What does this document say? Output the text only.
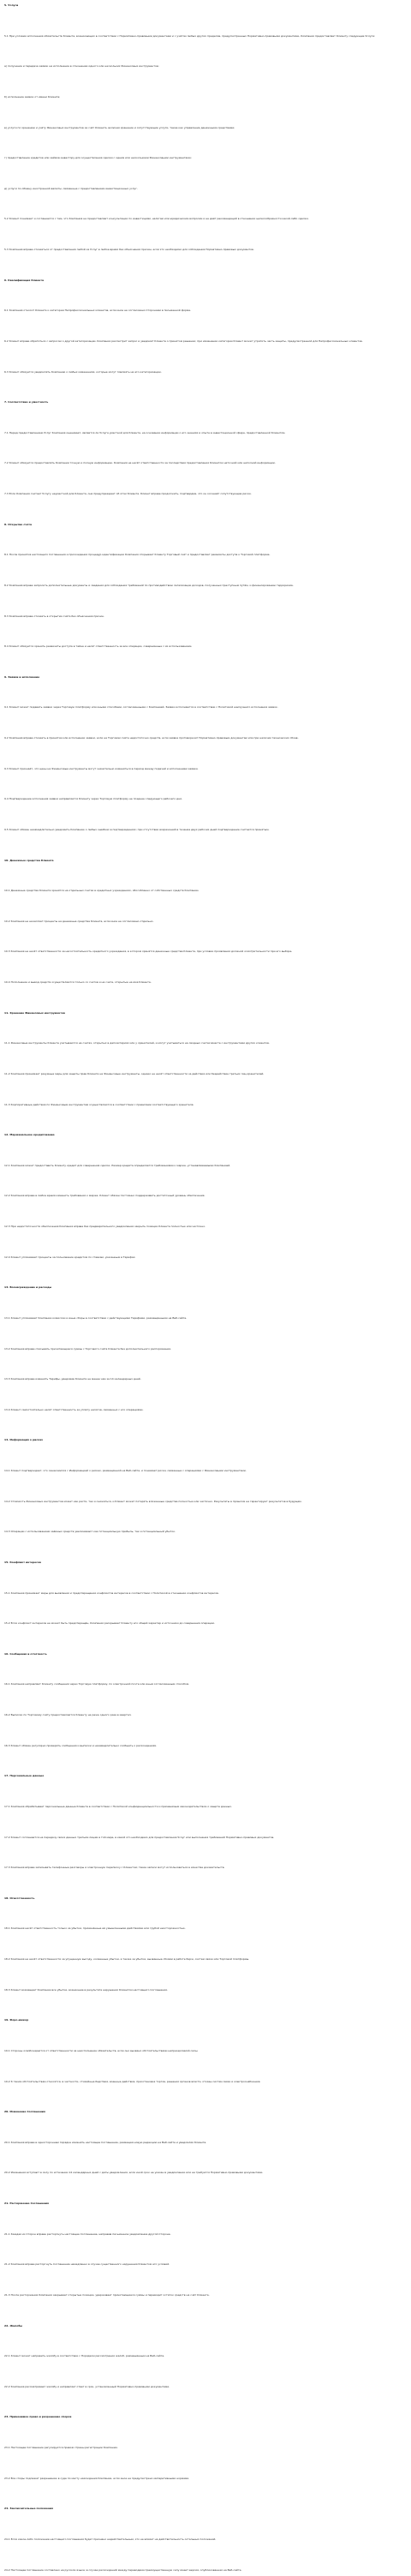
5. Услуги

5.1 При условии исполнения обязательств Клиента, возникающих в соответствии с Нормативно-правовыми документами и с учётом любых других пределов, предусмотренных Нормативно-правовыми документами, Компания предоставляет Клиенту следующие Услуги:

а) получение и передача заявок на исполнение в отношении одного или нескольких Финансовых инструментов;

б) исполнение заявок от имени Клиента;

в) услуги по хранению и учёту Финансовых инструментов за счёт Клиента, включая хранение и сопутствующие услуги, такие как управление денежными средствами;

г) предоставление кредитов или займов инвестору для осуществления сделки с одним или несколькими Финансовыми инструментами;

д) услуги по обмену иностранной валюты, связанные с предоставлением инвестиционных услуг.

5.2 Клиент понимает и соглашается с тем, что Компания не предоставляет консультации по инвестициям, налогам или юридическим вопросам и не даёт рекомендаций в отношении целесообразности какой-либо сделки.

5.3 Компания вправе отказаться от предоставления любой из Услуг в любое время без объяснения причин, если это необходимо для соблюдения Нормативно-правовых документов.

6. Квалификация Клиента

6.1 Компания относит Клиента к категории Непрофессиональных клиентов, если иное не согласовано Сторонами в письменной форме.

6.2 Клиент вправе обратиться с запросом о другой категоризации. Компания рассмотрит запрос и уведомит Клиента о принятом решении; при изменении категории Клиент может утратить часть защиты, предусмотренной для Непрофессиональных клиентов.

6.3 Клиент обязуется уведомлять Компанию о любых изменениях, которые могут повлиять на его категоризацию.

7. Соответствие и уместность

7.1 Перед предоставлением Услуг Компания оценивает, является ли Услуга уместной для Клиента, на основании информации о его знаниях и опыте в инвестиционной сфере, предоставленной Клиентом.

7.2 Клиент обязуется предоставлять Компании точную и полную информацию. Компания не несёт ответственности за последствия предоставления Клиентом неточной или неполной информации.

7.3 Если Компания считает Услугу неуместной для Клиента, она предупреждает об этом Клиента. Клиент вправе продолжить, подтвердив, что он осознаёт сопутствующие риски.

8. Открытие счёта

8.1 После принятия настоящего Соглашения и прохождения процедур идентификации Компания открывает Клиенту Торговый счёт и предоставляет реквизиты доступа к Торговой платформе.

8.2 Компания вправе запросить дополнительные документы и сведения для соблюдения требований по противодействию легализации доходов, полученных преступным путём, и финансированию терроризма.

8.3 Компания вправе отказать в открытии счёта без объяснения причин.

8.4 Клиент обязуется хранить реквизиты доступа в тайне и несёт ответственность за все операции, совершённые с их использованием.

9. Заявки и исполнение

9.1 Клиент может подавать заявки через Торговую платформу или иными способами, согласованными с Компанией. Заявки исполняются в соответствии с Политикой наилучшего исполнения заявок.

9.2 Компания вправе отказать в принятии или исполнении заявки, если на Торговом счёте недостаточно средств, если заявка противоречит Нормативно-правовым документам или при наличии технических сбоев.

9.3 Клиент признаёт, что цены на Финансовые инструменты могут значительно изменяться в период между подачей и исполнением заявки.

9.4 Подтверждение исполнения заявки направляется Клиенту через Торговую платформу не позднее следующего рабочего дня.

9.5 Клиент обязан незамедлительно уведомить Компанию о любых ошибках в подтверждениях; при отсутствии возражений в течение двух рабочих дней подтверждение считается принятым.

10. Денежные средства Клиента

10.1 Денежные средства Клиента хранятся на отдельных счетах в кредитных учреждениях, обособленно от собственных средств Компании.

10.2 Компания не начисляет проценты на денежные средства Клиента, если иное не согласовано отдельно.

10.3 Компания не несёт ответственности за несостоятельность кредитного учреждения, в котором хранятся денежные средства Клиента, при условии проявления должной осмотрительности при его выборе.

10.4 Пополнение и вывод средств осуществляются только со счетов и на счета, открытые на имя Клиента.

11. Хранение Финансовых инструментов

11.1 Финансовые инструменты Клиента учитываются на счетах, открытых в депозитариях или у хранителей, и могут учитываться на сводных счетах вместе с инструментами других клиентов.

11.2 Компания принимает разумные меры для защиты прав Клиента на Финансовые инструменты, однако не несёт ответственности за действия или бездействие третьих лиц-хранителей.

11.3 Корпоративные действия по Финансовым инструментам осуществляются в соответствии с правилами соответствующего хранителя.

12. Маржинальное кредитование

12.1 Компания может предоставить Клиенту кредит для совершения сделок. Размер кредита определяется требованиями к марже, устанавливаемыми Компанией.

12.2 Компания вправе в любое время изменить требования к марже. Клиент обязан постоянно поддерживать достаточный уровень обеспечения.

12.3 При недостаточности обеспечения Компания вправе без предварительного уведомления закрыть позиции Клиента полностью или частично.

12.4 Клиент уплачивает проценты за пользование кредитом по ставкам, указанным в Тарифах.

13. Вознаграждение и расходы

13.1 Клиент уплачивает Компании комиссии и иные сборы в соответствии с действующими Тарифами, размещёнными на Веб-сайте.

13.2 Компания вправе списывать причитающиеся суммы с Торгового счёта Клиента без дополнительного распоряжения.

13.3 Компания вправе изменять Тарифы, уведомив Клиента не менее чем за 14 календарных дней.

13.4 Клиент самостоятельно несёт ответственность за уплату налогов, связанных с его операциями.

14. Информация о рисках

14.1 Клиент подтверждает, что ознакомился с Информацией о рисках, размещённой на Веб-сайте, и понимает риски, связанные с операциями с Финансовыми инструментами.

14.2 Стоимость Финансовых инструментов может как расти, так и снижаться, и Клиент может потерять вложенные средства полностью или частично. Результаты в прошлом не гарантируют результатов в будущем.

14.3 Операции с использованием заёмных средств увеличивают как потенциальную прибыль, так и потенциальный убыток.

15. Конфликт интересов

15.1 Компания принимает меры для выявления и предотвращения конфликтов интересов в соответствии с Политикой в отношении конфликтов интересов.

15.2 Если конфликт интересов не может быть предотвращён, Компания раскрывает Клиенту его общий характер и источники до совершения операции.

16. Сообщения и отчётность

16.1 Компания направляет Клиенту сообщения через Торговую платформу, по электронной почте или иным согласованным способом.

16.2 Выписки по Торговому счёту предоставляются Клиенту не реже одного раза в квартал.

16.3 Клиент обязан регулярно проверять сообщения и выписки и незамедлительно сообщать о расхождениях.

17. Персональные данные

17.1 Компания обрабатывает персональные данные Клиента в соответствии с Политикой конфиденциальности и применимым законодательством о защите данных.

17.2 Клиент соглашается на передачу своих данных третьим лицам в той мере, в какой это необходимо для предоставления Услуг или выполнения требований Нормативно-правовых документов.

17.3 Компания вправе записывать телефонные разговоры и электронную переписку с Клиентом; такие записи могут использоваться в качестве доказательств.

18. Ответственность

18.1 Компания несёт ответственность только за убытки, причинённые её умышленными действиями или грубой неосторожностью.

18.2 Компания не несёт ответственности за упущенную выгоду, косвенные убытки, а также за убытки, вызванные сбоями в работе бирж, систем связи или Торговой платформы.

18.3 Клиент возмещает Компании все убытки, возникшие в результате нарушения Клиентом настоящего Соглашения.

19. Форс-мажор

19.1 Стороны освобождаются от ответственности за неисполнение обязательств, если оно вызвано обстоятельствами непреодолимой силы.

19.2 К таким обстоятельствам относятся, в частности, стихийные бедствия, военные действия, приостановка торгов, решения органов власти, отказы систем связи и электроснабжения.

20. Изменение Соглашения

20.1 Компания вправе в одностороннем порядке изменять настоящее Соглашение, размещая новую редакцию на Веб-сайте и уведомляя Клиента.

20.2 Изменения вступают в силу по истечении 14 календарных дней с даты уведомления, если иной срок не указан в уведомлении или не требуется Нормативно-правовыми документами.

21. Расторжение Соглашения

21.1 Каждая из Сторон вправе расторгнуть настоящее Соглашение, направив письменное уведомление другой Стороне.

21.2 Компания вправе расторгнуть Соглашение немедленно в случае существенного нарушения Клиентом его условий.

21.3 После расторжения Компания закрывает открытые позиции, удерживает причитающиеся суммы и переводит остаток средств на счёт Клиента.

22. Жалобы

22.1 Клиент может направить жалобу в соответствии с Порядком рассмотрения жалоб, размещённым на Веб-сайте.

22.2 Компания рассматривает жалобу и направляет ответ в срок, установленный Нормативно-правовыми документами.

23. Применимое право и разрешение споров

23.1 Настоящее Соглашение регулируется правом страны регистрации Компании.

23.2 Все споры подлежат разрешению в суде по месту нахождения Компании, если иное не предусмотрено императивными нормами.

24. Заключительные положения

24.1 Если какое-либо положение настоящего Соглашения будет признано недействительным, это не влияет на действительность остальных положений.

24.2 Настоящее Соглашение составлено на русском языке; в случае расхождений между переводами преимущественную силу имеет версия, опубликованная на Веб-сайте.
